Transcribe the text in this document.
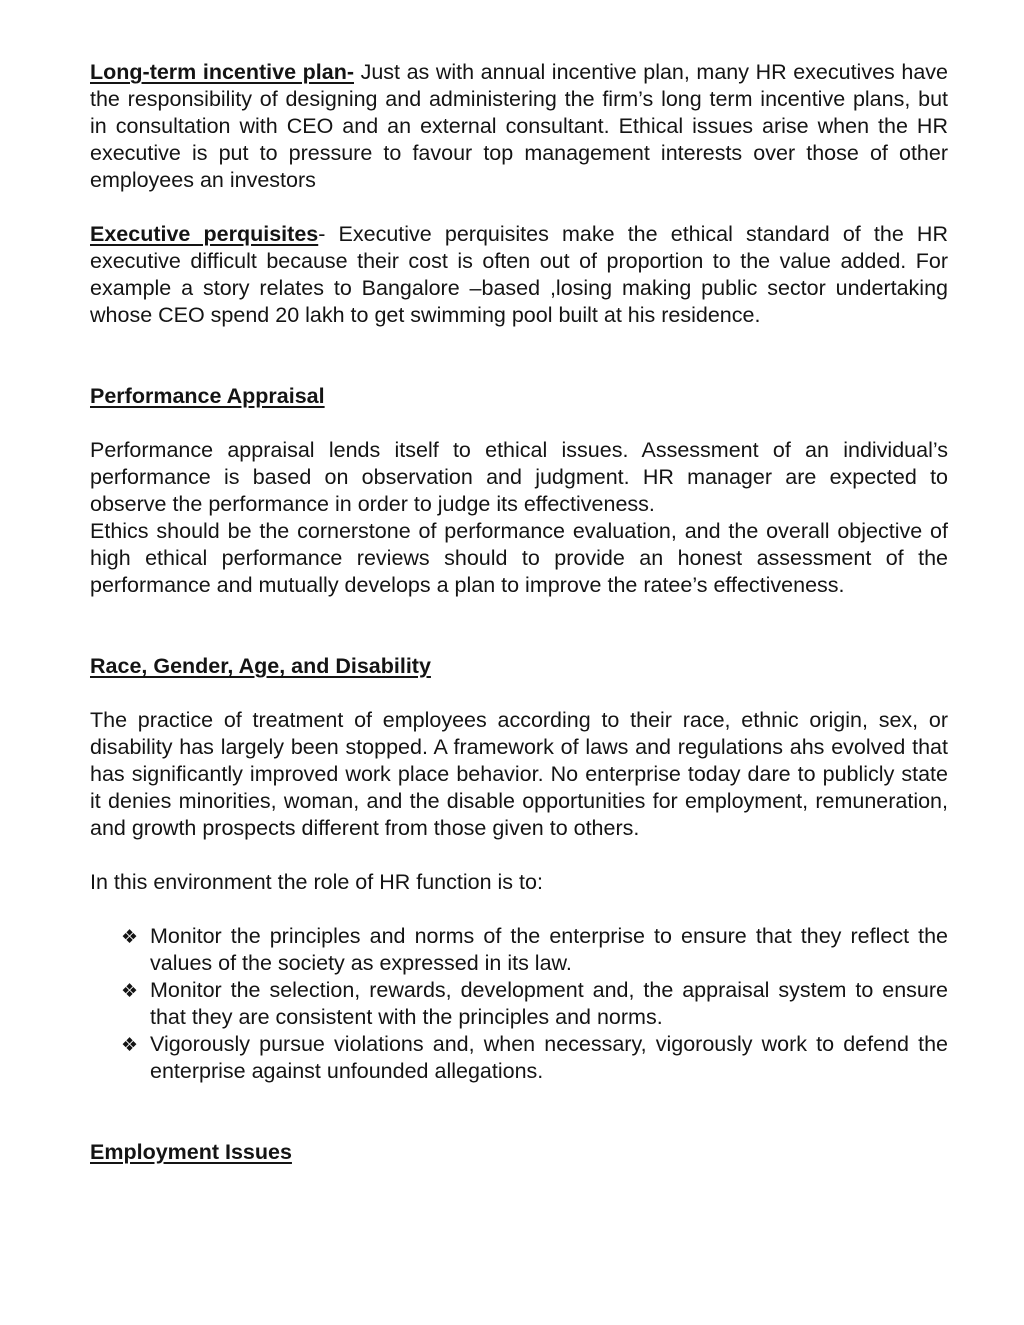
Long-term incentive plan- Just as with annual incentive plan, many HR executives have the responsibility of designing and administering the firm’s long term incentive plans, but in consultation with CEO and an external consultant. Ethical issues arise when the HR executive is put to pressure to favour top management interests over those of other employees an investors

Executive perquisites- Executive perquisites make the ethical standard of the HR executive difficult because their cost is often out of proportion to the value added. For example a story relates to Bangalore –based ,losing making public sector undertaking whose CEO spend 20 lakh to get swimming pool built at his residence.

Performance Appraisal

Performance appraisal lends itself to ethical issues. Assessment of an individual’s performance is based on observation and judgment. HR manager are expected to observe the performance in order to judge its effectiveness.

Ethics should be the cornerstone of performance evaluation, and the overall objective of high ethical performance reviews should to provide an honest assessment of the performance and mutually develops a plan to improve the ratee’s effectiveness.

Race, Gender, Age, and Disability

The practice of treatment of employees according to their race, ethnic origin, sex, or disability has largely been stopped. A framework of laws and regulations ahs evolved that has significantly improved work place behavior. No enterprise today dare to publicly state it denies minorities, woman, and the disable opportunities for employment, remuneration, and growth prospects different from those given to others.

In this environment the role of HR function is to:

❖ Monitor the principles and norms of the enterprise to ensure that they reflect the values of the society as expressed in its law.
❖ Monitor the selection, rewards, development and, the appraisal system to ensure that they are consistent with the principles and norms.
❖ Vigorously pursue violations and, when necessary, vigorously work to defend the enterprise against unfounded allegations.

Employment Issues
